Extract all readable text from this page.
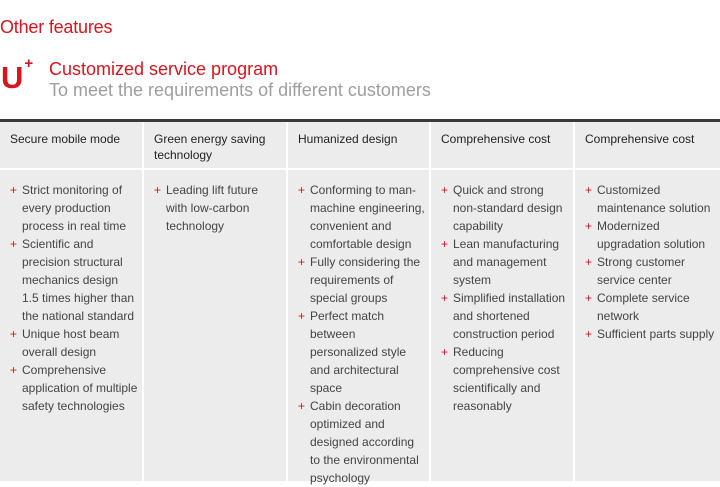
Other features
U+ Customized service program
To meet the requirements of different customers
Secure mobile mode
+ Strict monitoring of every production process in real time
+ Scientific and precision structural mechanics design 1.5 times higher than the national standard
+ Unique host beam overall design
+ Comprehensive application of multiple safety technologies
Green energy saving technology
+ Leading lift future with low-carbon technology
Humanized design
+ Conforming to man-machine engineering, convenient and comfortable design
+ Fully considering the requirements of special groups
+ Perfect match between personalized style and architectural space
+ Cabin decoration optimized and designed according to the environmental psychology
Comprehensive cost
+ Quick and strong non-standard design capability
+ Lean manufacturing and management system
+ Simplified installation and shortened construction period
+ Reducing comprehensive cost scientifically and reasonably
Comprehensive cost
+ Customized maintenance solution
+ Modernized upgradation solution
+ Strong customer service center
+ Complete service network
+ Sufficient parts supply
